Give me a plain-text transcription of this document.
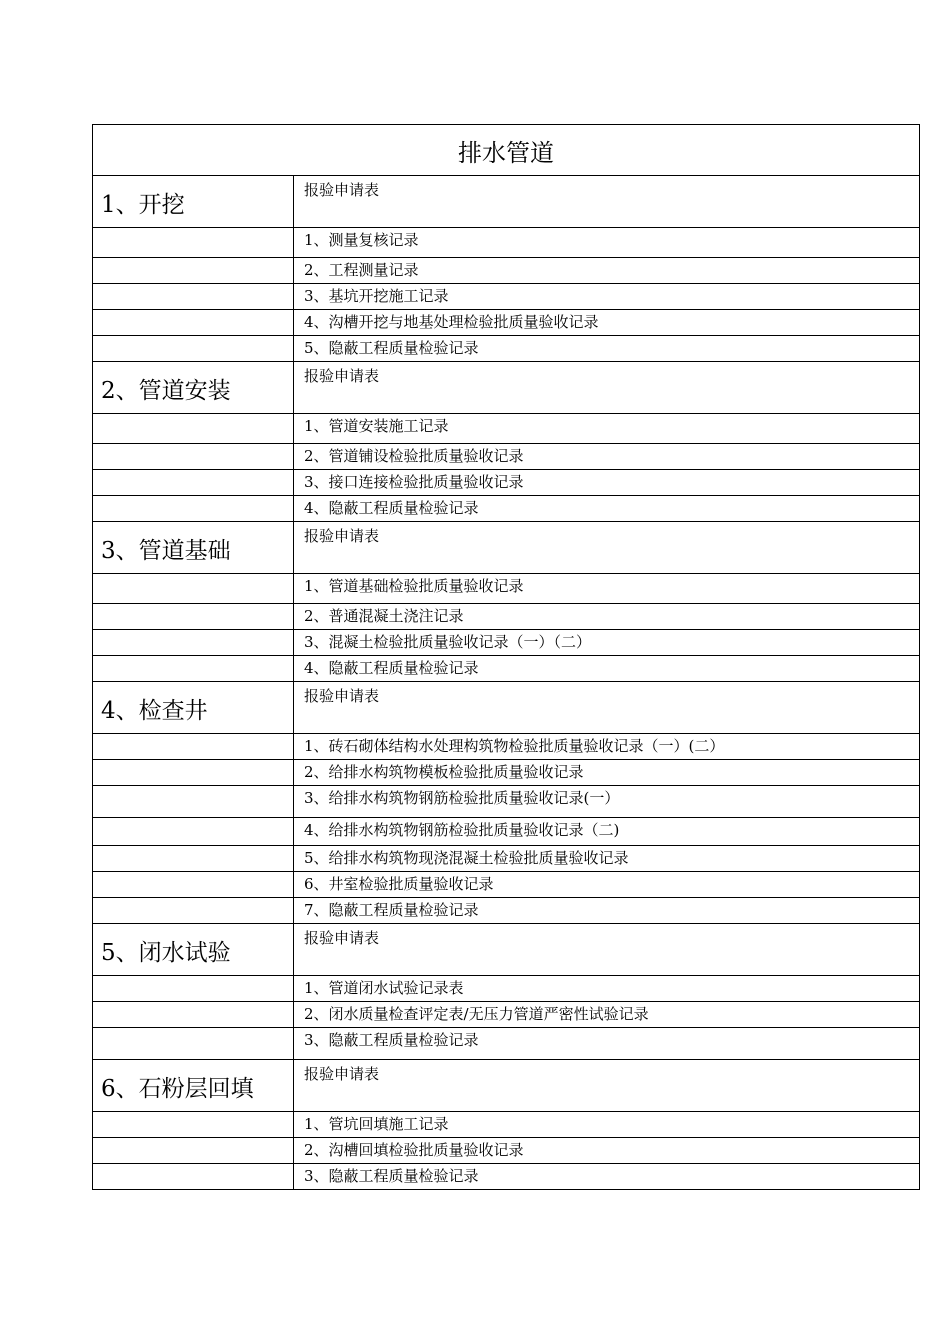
排水管道	
1、开挖	报验申请表
	1、测量复核记录
	2、工程测量记录
	3、基坑开挖施工记录
	4、沟槽开挖与地基处理检验批质量验收记录
	5、隐蔽工程质量检验记录
2、管道安装	报验申请表
	1、管道安装施工记录
	2、管道铺设检验批质量验收记录
	3、接口连接检验批质量验收记录
	4、隐蔽工程质量检验记录
3、管道基础	报验申请表
	1、管道基础检验批质量验收记录
	2、普通混凝土浇注记录
	3、混凝土检验批质量验收记录（一）（二）
	4、隐蔽工程质量检验记录
4、检查井	报验申请表
	1、砖石砌体结构水处理构筑物检验批质量验收记录（一）(二）
	2、给排水构筑物模板检验批质量验收记录
	3、给排水构筑物钢筋检验批质量验收记录(一）
	4、给排水构筑物钢筋检验批质量验收记录（二)
	5、给排水构筑物现浇混凝土检验批质量验收记录
	6、井室检验批质量验收记录
	7、隐蔽工程质量检验记录
5、闭水试验	报验申请表
	1、管道闭水试验记录表
	2、闭水质量检查评定表/无压力管道严密性试验记录
	3、隐蔽工程质量检验记录
6、石粉层回填	报验申请表
	1、管坑回填施工记录
	2、沟槽回填检验批质量验收记录
	3、隐蔽工程质量检验记录
